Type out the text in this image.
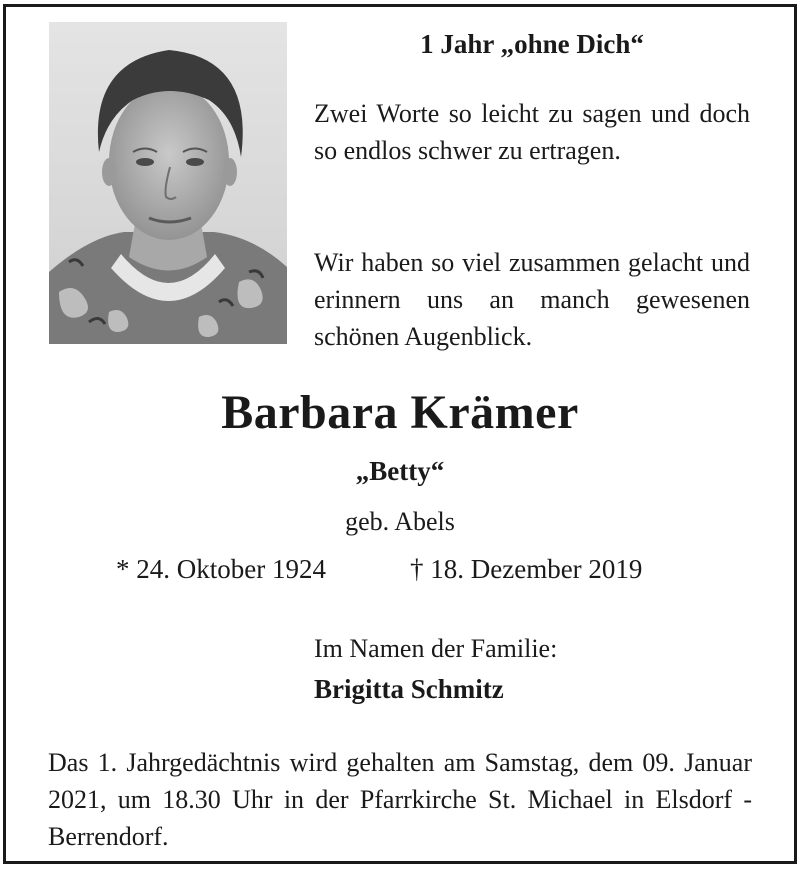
1 Jahr „ohne Dich“

Zwei Worte so leicht zu sagen und doch so endlos schwer zu ertragen.

Wir haben so viel zusammen gelacht und erinnern uns an manch gewesenen schönen Augenblick.

Barbara Krämer
„Betty“
geb. Abels
* 24. Oktober 1924	† 18. Dezember 2019
Im Namen der Familie:
Brigitta Schmitz

Das 1. Jahrgedächtnis wird gehalten am Samstag, dem 09. Januar 2021, um 18.30 Uhr in der Pfarrkirche St. Michael in Elsdorf - Berrendorf.
